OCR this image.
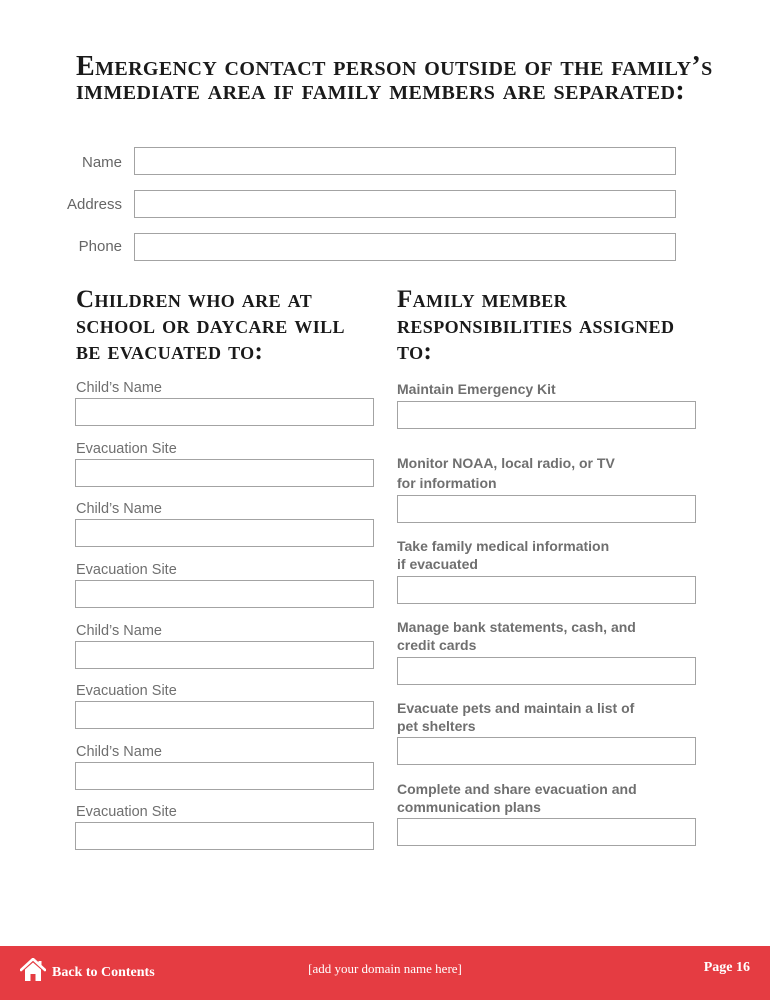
Emergency contact person outside of the family’s immediate area if family members are separated:
Name
Address
Phone
Children who are at school or daycare will be evacuated to:
Child’s Name
Evacuation Site
Child’s Name
Evacuation Site
Child’s Name
Evacuation Site
Child’s Name
Evacuation Site
Family member responsibilities assigned to:
Maintain Emergency Kit
Monitor NOAA, local radio, or TV
for information
Take family medical information
if evacuated
Manage bank statements, cash, and
credit cards
Evacuate pets and maintain a list of
pet shelters
Complete and share evacuation and
communication plans
Back to Contents	[add your domain name here]	Page 16
